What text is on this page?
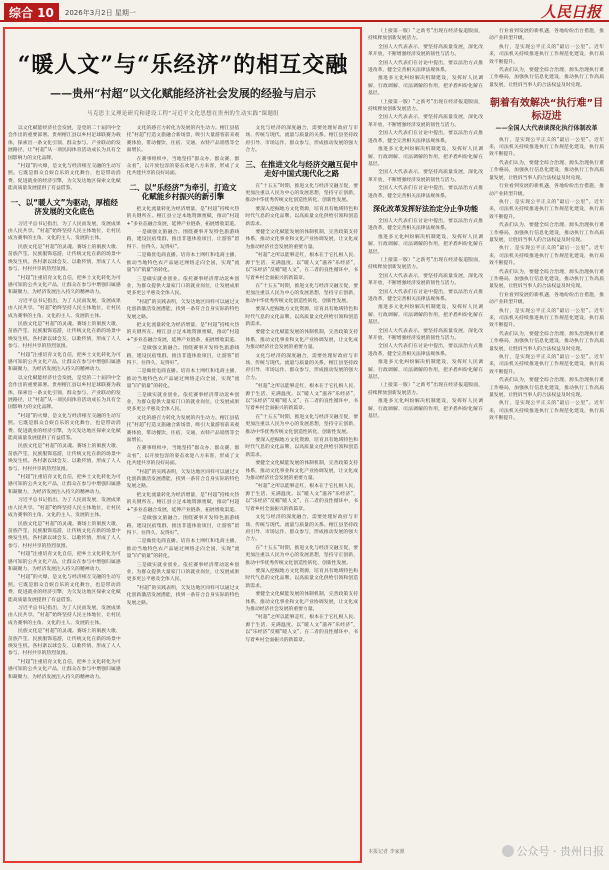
综合 10	2026年3月2日 星期一	人民日报
“暖人文”与“乐经济”的相互交融
——贵州“村超”以文化赋能经济社会发展的经验与启示
马克思主义理论研究和建设工程“习近平文化思想在贵州的生动实践”课题组

以文化赋能经济社会发展，是党的二十届四中全会作出的重要部署。贵州榕江县以乡村足球联赛为载体，探索出一条文化引领、群众参与、产业联动的发展路径，让“村超”从一项民间体育活动成长为具有全国影响力的文化品牌。

“村超”的火爆，是文化与经济相互交融的生动写照。它既是群众自娱自乐的文化舞台，也是带动消费、促进就业的经济引擎，为欠发达地区探索文化赋能高质量发展提供了有益借鉴。

一、以“暖人文”为驱动，厚植经济发展的文化底色

习近平总书记指出，为了人民而发展，发展成果由人民共享。“村超”始终坚持人民主体地位，让村民成为赛事的主角、文化的主人、发展的主体。

民族文化是“村超”的灵魂。赛场上的侗族大歌、苗族芦笙、民族服饰巡游，让传统文化在新的场景中焕发生机。各村寨以球会友、以歌传情，形成了人人参与、村村共享的热烈氛围。

“村超”注重培育文化自信，把乡土文化转化为可感可知的公共文化产品，让群众在参与中增强归属感和凝聚力，为经济发展注入持久的精神动力。

习近平总书记指出，为了人民而发展，发展成果由人民共享。“村超”始终坚持人民主体地位，让村民成为赛事的主角、文化的主人、发展的主体。

民族文化是“村超”的灵魂。赛场上的侗族大歌、苗族芦笙、民族服饰巡游，让传统文化在新的场景中焕发生机。各村寨以球会友、以歌传情，形成了人人参与、村村共享的热烈氛围。

“村超”注重培育文化自信，把乡土文化转化为可感可知的公共文化产品，让群众在参与中增强归属感和凝聚力，为经济发展注入持久的精神动力。

以文化赋能经济社会发展，是党的二十届四中全会作出的重要部署。贵州榕江县以乡村足球联赛为载体，探索出一条文化引领、群众参与、产业联动的发展路径，让“村超”从一项民间体育活动成长为具有全国影响力的文化品牌。

“村超”的火爆，是文化与经济相互交融的生动写照。它既是群众自娱自乐的文化舞台，也是带动消费、促进就业的经济引擎，为欠发达地区探索文化赋能高质量发展提供了有益借鉴。

民族文化是“村超”的灵魂。赛场上的侗族大歌、苗族芦笙、民族服饰巡游，让传统文化在新的场景中焕发生机。各村寨以球会友、以歌传情，形成了人人参与、村村共享的热烈氛围。

“村超”注重培育文化自信，把乡土文化转化为可感可知的公共文化产品，让群众在参与中增强归属感和凝聚力，为经济发展注入持久的精神动力。

习近平总书记指出，为了人民而发展，发展成果由人民共享。“村超”始终坚持人民主体地位，让村民成为赛事的主角、文化的主人、发展的主体。

民族文化是“村超”的灵魂。赛场上的侗族大歌、苗族芦笙、民族服饰巡游，让传统文化在新的场景中焕发生机。各村寨以球会友、以歌传情，形成了人人参与、村村共享的热烈氛围。

“村超”注重培育文化自信，把乡土文化转化为可感可知的公共文化产品，让群众在参与中增强归属感和凝聚力，为经济发展注入持久的精神动力。

“村超”的火爆，是文化与经济相互交融的生动写照。它既是群众自娱自乐的文化舞台，也是带动消费、促进就业的经济引擎，为欠发达地区探索文化赋能高质量发展提供了有益借鉴。

习近平总书记指出，为了人民而发展，发展成果由人民共享。“村超”始终坚持人民主体地位，让村民成为赛事的主角、文化的主人、发展的主体。

民族文化是“村超”的灵魂。赛场上的侗族大歌、苗族芦笙、民族服饰巡游，让传统文化在新的场景中焕发生机。各村寨以球会友、以歌传情，形成了人人参与、村村共享的热烈氛围。

“村超”注重培育文化自信，把乡土文化转化为可感可知的公共文化产品，让群众在参与中增强归属感和凝聚力，为经济发展注入持久的精神动力。

文化的感召力转化为发展的内生动力。榕江县依托“村超”打造文旅融合新场景，吸引大量游客前来观赛体验，带动餐饮、住宿、交通、农特产品销售等全面增长。

在赛事组织中，当地坚持“群众办、群众赛、群众看”，以开放包容的姿态欢迎八方来客，形成了文化共建共享的良好局面。

二、以“乐经济”为牵引，打造文化赋能乡村振兴的新引擎

把文化流量转化为经济增量，是“村超”持续火热的关键所在。榕江县立足本地资源禀赋，推动“村超+”多业态融合发展，延伸产业链条，拓展增收渠道。

一是做强文旅融合。围绕赛事开发特色旅游线路，建设民宿集群，推出非遗体验项目，让游客“留得下、住得久、玩得好”。

二是做优电商直播。培育本土网红和电商主播，推动当地特色农产品通过网络走向全国，实现“流量”向“销量”的转化。

三是做实就业创业。依托赛事经济带动返乡创业，为群众提供大量家门口的就业岗位，让发展成果更多更公平惠及全体人民。

“村超”的实践表明，欠发达地区同样可以通过文化创新激活发展潜能，找到一条符合自身实际的特色发展之路。

把文化流量转化为经济增量，是“村超”持续火热的关键所在。榕江县立足本地资源禀赋，推动“村超+”多业态融合发展，延伸产业链条，拓展增收渠道。

一是做强文旅融合。围绕赛事开发特色旅游线路，建设民宿集群，推出非遗体验项目，让游客“留得下、住得久、玩得好”。

二是做优电商直播。培育本土网红和电商主播，推动当地特色农产品通过网络走向全国，实现“流量”向“销量”的转化。

三是做实就业创业。依托赛事经济带动返乡创业，为群众提供大量家门口的就业岗位，让发展成果更多更公平惠及全体人民。

文化的感召力转化为发展的内生动力。榕江县依托“村超”打造文旅融合新场景，吸引大量游客前来观赛体验，带动餐饮、住宿、交通、农特产品销售等全面增长。

在赛事组织中，当地坚持“群众办、群众赛、群众看”，以开放包容的姿态欢迎八方来客，形成了文化共建共享的良好局面。

“村超”的实践表明，欠发达地区同样可以通过文化创新激活发展潜能，找到一条符合自身实际的特色发展之路。

把文化流量转化为经济增量，是“村超”持续火热的关键所在。榕江县立足本地资源禀赋，推动“村超+”多业态融合发展，延伸产业链条，拓展增收渠道。

一是做强文旅融合。围绕赛事开发特色旅游线路，建设民宿集群，推出非遗体验项目，让游客“留得下、住得久、玩得好”。

二是做优电商直播。培育本土网红和电商主播，推动当地特色农产品通过网络走向全国，实现“流量”向“销量”的转化。

三是做实就业创业。依托赛事经济带动返乡创业，为群众提供大量家门口的就业岗位，让发展成果更多更公平惠及全体人民。

“村超”的实践表明，欠发达地区同样可以通过文化创新激活发展潜能，找到一条符合自身实际的特色发展之路。

文化与经济的深度融合，需要处理好政府与市场、传统与现代、流量与质量的关系。榕江县坚持政府引导、市场运作、群众参与，形成推动发展的强大合力。

三、在推进文化与经济交融互促中走好中国式现代化之路

在“十五五”时期，推进文化与经济交融互促，要更加注重以人民为中心的发展思想，坚持守正创新，推动中华优秀传统文化创造性转化、创新性发展。

要深入挖掘地方文化资源，培育具有地域特色和时代气息的文化品牌，以高质量文化供给引领和创造新需求。

要健全文化赋能发展的体制机制，完善政策支持体系，推动文化事业和文化产业协调发展，让文化成为推动经济社会发展的重要力量。

“村超”之所以能够走红，根本在于它扎根人民、源于生活、充满温度。以“暖人文”滋养“乐经济”，以“乐经济”反哺“暖人文”，在二者的良性循环中，书写着乡村全面振兴的新篇章。

在“十五五”时期，推进文化与经济交融互促，要更加注重以人民为中心的发展思想，坚持守正创新，推动中华优秀传统文化创造性转化、创新性发展。

要深入挖掘地方文化资源，培育具有地域特色和时代气息的文化品牌，以高质量文化供给引领和创造新需求。

要健全文化赋能发展的体制机制，完善政策支持体系，推动文化事业和文化产业协调发展，让文化成为推动经济社会发展的重要力量。

文化与经济的深度融合，需要处理好政府与市场、传统与现代、流量与质量的关系。榕江县坚持政府引导、市场运作、群众参与，形成推动发展的强大合力。

“村超”之所以能够走红，根本在于它扎根人民、源于生活、充满温度。以“暖人文”滋养“乐经济”，以“乐经济”反哺“暖人文”，在二者的良性循环中，书写着乡村全面振兴的新篇章。

在“十五五”时期，推进文化与经济交融互促，要更加注重以人民为中心的发展思想，坚持守正创新，推动中华优秀传统文化创造性转化、创新性发展。

要深入挖掘地方文化资源，培育具有地域特色和时代气息的文化品牌，以高质量文化供给引领和创造新需求。

要健全文化赋能发展的体制机制，完善政策支持体系，推动文化事业和文化产业协调发展，让文化成为推动经济社会发展的重要力量。

“村超”之所以能够走红，根本在于它扎根人民、源于生活、充满温度。以“暖人文”滋养“乐经济”，以“乐经济”反哺“暖人文”，在二者的良性循环中，书写着乡村全面振兴的新篇章。

文化与经济的深度融合，需要处理好政府与市场、传统与现代、流量与质量的关系。榕江县坚持政府引导、市场运作、群众参与，形成推动发展的强大合力。

在“十五五”时期，推进文化与经济交融互促，要更加注重以人民为中心的发展思想，坚持守正创新，推动中华优秀传统文化创造性转化、创新性发展。

要深入挖掘地方文化资源，培育具有地域特色和时代气息的文化品牌，以高质量文化供给引领和创造新需求。

要健全文化赋能发展的体制机制，完善政策支持体系，推动文化事业和文化产业协调发展，让文化成为推动经济社会发展的重要力量。

“村超”之所以能够走红，根本在于它扎根人民、源于生活、充满温度。以“暖人文”滋养“乐经济”，以“乐经济”反哺“暖人文”，在二者的良性循环中，书写着乡村全面振兴的新篇章。

（上接第一版）“之新考”出现在经济报道版面，持续释放创新发展活力。

全国人大代表表示，要坚持高质量发展，深化改革开放，不断增强经济发展的韧性与活力。

全国人大代表们在讨论中提出，要以法治方式推进改革，健全完善相关法律法规体系。

推进多元化纠纷解决机制建设，发挥好人民调解、行政调解、司法调解的作用，把矛盾纠纷化解在基层。

（上接第一版）“之新考”出现在经济报道版面，持续释放创新发展活力。

全国人大代表表示，要坚持高质量发展，深化改革开放，不断增强经济发展的韧性与活力。

全国人大代表们在讨论中提出，要以法治方式推进改革，健全完善相关法律法规体系。

推进多元化纠纷解决机制建设，发挥好人民调解、行政调解、司法调解的作用，把矛盾纠纷化解在基层。

全国人大代表表示，要坚持高质量发展，深化改革开放，不断增强经济发展的韧性与活力。

全国人大代表们在讨论中提出，要以法治方式推进改革，健全完善相关法律法规体系。

深化改革发挥好法治定分止争功能

全国人大代表们在讨论中提出，要以法治方式推进改革，健全完善相关法律法规体系。

推进多元化纠纷解决机制建设，发挥好人民调解、行政调解、司法调解的作用，把矛盾纠纷化解在基层。

（上接第一版）“之新考”出现在经济报道版面，持续释放创新发展活力。

全国人大代表表示，要坚持高质量发展，深化改革开放，不断增强经济发展的韧性与活力。

全国人大代表们在讨论中提出，要以法治方式推进改革，健全完善相关法律法规体系。

推进多元化纠纷解决机制建设，发挥好人民调解、行政调解、司法调解的作用，把矛盾纠纷化解在基层。

全国人大代表表示，要坚持高质量发展，深化改革开放，不断增强经济发展的韧性与活力。

全国人大代表们在讨论中提出，要以法治方式推进改革，健全完善相关法律法规体系。

推进多元化纠纷解决机制建设，发挥好人民调解、行政调解、司法调解的作用，把矛盾纠纷化解在基层。

（上接第一版）“之新考”出现在经济报道版面，持续释放创新发展活力。

推进多元化纠纷解决机制建设，发挥好人民调解、行政调解、司法调解的作用，把矛盾纠纷化解在基层。

行业看到发展的新机遇，各地纷纷出台措施，推动产业转型升级。

执行，是实现公平正义的“最后一公里”。近年来，司法机关持续推进执行工作规范化建设，执行质效不断提升。

代表们认为，要健全综合治理、源头治理执行难工作格局，加强执行信息化建设，推动执行工作高质量发展，让胜诉当事人的合法权益及时兑现。

朝着有效解决“执行难”目标迈进
——全国人大代表谈深化执行体制改革

执行，是实现公平正义的“最后一公里”。近年来，司法机关持续推进执行工作规范化建设，执行质效不断提升。

代表们认为，要健全综合治理、源头治理执行难工作格局，加强执行信息化建设，推动执行工作高质量发展，让胜诉当事人的合法权益及时兑现。

行业看到发展的新机遇，各地纷纷出台措施，推动产业转型升级。

执行，是实现公平正义的“最后一公里”。近年来，司法机关持续推进执行工作规范化建设，执行质效不断提升。

代表们认为，要健全综合治理、源头治理执行难工作格局，加强执行信息化建设，推动执行工作高质量发展，让胜诉当事人的合法权益及时兑现。

执行，是实现公平正义的“最后一公里”。近年来，司法机关持续推进执行工作规范化建设，执行质效不断提升。

代表们认为，要健全综合治理、源头治理执行难工作格局，加强执行信息化建设，推动执行工作高质量发展，让胜诉当事人的合法权益及时兑现。

行业看到发展的新机遇，各地纷纷出台措施，推动产业转型升级。

执行，是实现公平正义的“最后一公里”。近年来，司法机关持续推进执行工作规范化建设，执行质效不断提升。

代表们认为，要健全综合治理、源头治理执行难工作格局，加强执行信息化建设，推动执行工作高质量发展，让胜诉当事人的合法权益及时兑现。

执行，是实现公平正义的“最后一公里”。近年来，司法机关持续推进执行工作规范化建设，执行质效不断提升。

代表们认为，要健全综合治理、源头治理执行难工作格局，加强执行信息化建设，推动执行工作高质量发展，让胜诉当事人的合法权益及时兑现。

执行，是实现公平正义的“最后一公里”。近年来，司法机关持续推进执行工作规范化建设，执行质效不断提升。

本报记者 李家鼎	公众号 · 贵州日报
